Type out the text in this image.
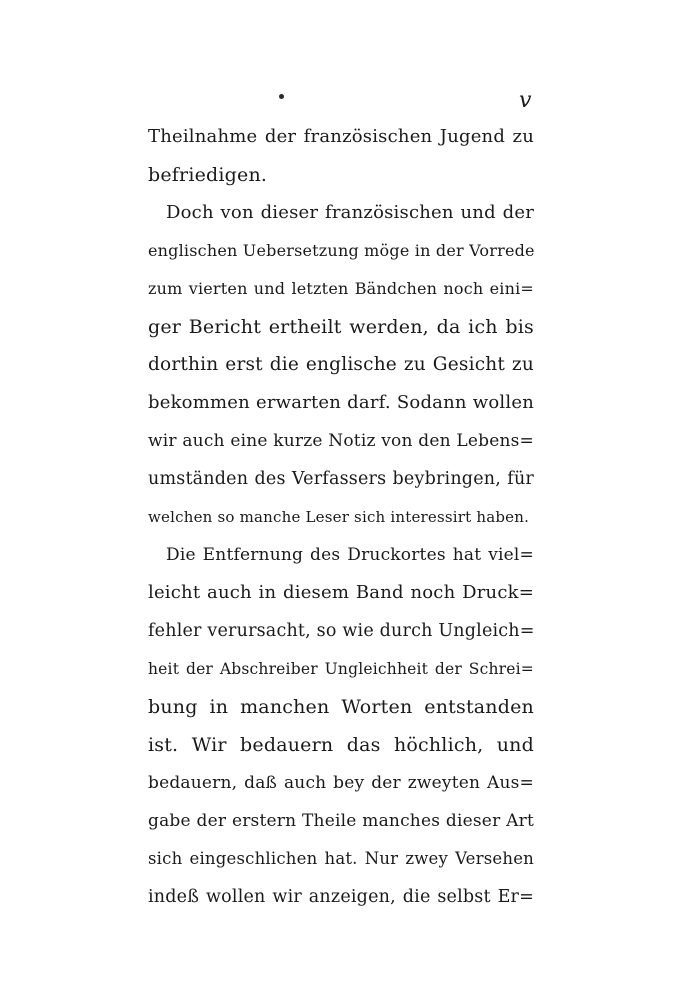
v
Theilnahme der französischen Jugend zu
befriedigen.
Doch von dieser französischen und der
englischen Uebersetzung möge in der Vorrede
zum vierten und letzten Bändchen noch eini=
ger Bericht ertheilt werden, da ich bis
dorthin erst die englische zu Gesicht zu
bekommen erwarten darf. Sodann wollen
wir auch eine kurze Notiz von den Lebens=
umständen des Verfassers beybringen, für
welchen so manche Leser sich interessirt haben.
Die Entfernung des Druckortes hat viel=
leicht auch in diesem Band noch Druck=
fehler verursacht, so wie durch Ungleich=
heit der Abschreiber Ungleichheit der Schrei=
bung in manchen Worten entstanden
ist. Wir bedauern das höchlich, und
bedauern, daß auch bey der zweyten Aus=
gabe der erstern Theile manches dieser Art
sich eingeschlichen hat. Nur zwey Versehen
indeß wollen wir anzeigen, die selbst Er=
